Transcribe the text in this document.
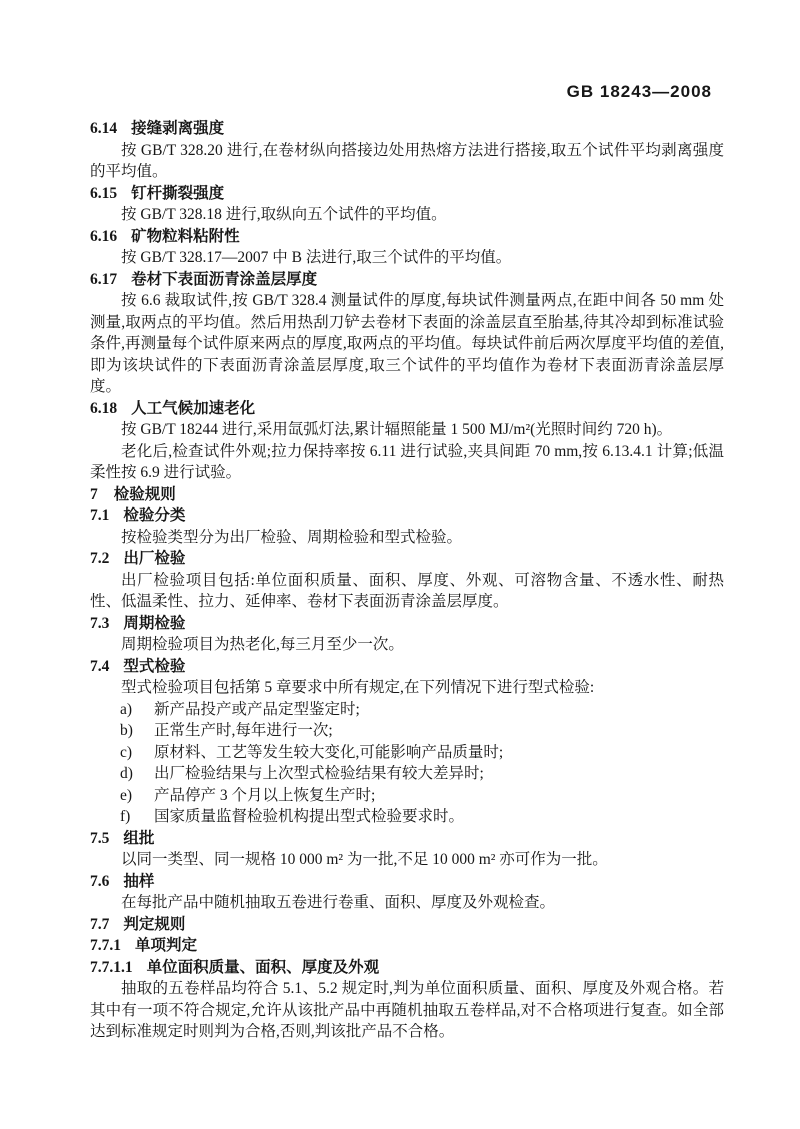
GB 18243—2008
6.14 接缝剥离强度
按 GB/T 328.20 进行,在卷材纵向搭接边处用热熔方法进行搭接,取五个试件平均剥离强度的平均值。
6.15 钉杆撕裂强度
按 GB/T 328.18 进行,取纵向五个试件的平均值。
6.16 矿物粒料粘附性
按 GB/T 328.17—2007 中 B 法进行,取三个试件的平均值。
6.17 卷材下表面沥青涂盖层厚度
按 6.6 裁取试件,按 GB/T 328.4 测量试件的厚度,每块试件测量两点,在距中间各 50 mm 处测量,取两点的平均值。然后用热刮刀铲去卷材下表面的涂盖层直至胎基,待其冷却到标准试验条件,再测量每个试件原来两点的厚度,取两点的平均值。每块试件前后两次厚度平均值的差值,即为该块试件的下表面沥青涂盖层厚度,取三个试件的平均值作为卷材下表面沥青涂盖层厚度。
6.18 人工气候加速老化
按 GB/T 18244 进行,采用氙弧灯法,累计辐照能量 1 500 MJ/m²(光照时间约 720 h)。
老化后,检查试件外观;拉力保持率按 6.11 进行试验,夹具间距 70 mm,按 6.13.4.1 计算;低温柔性按 6.9 进行试验。
7 检验规则
7.1 检验分类
按检验类型分为出厂检验、周期检验和型式检验。
7.2 出厂检验
出厂检验项目包括:单位面积质量、面积、厚度、外观、可溶物含量、不透水性、耐热性、低温柔性、拉力、延伸率、卷材下表面沥青涂盖层厚度。
7.3 周期检验
周期检验项目为热老化,每三月至少一次。
7.4 型式检验
型式检验项目包括第 5 章要求中所有规定,在下列情况下进行型式检验:
a) 新产品投产或产品定型鉴定时;
b) 正常生产时,每年进行一次;
c) 原材料、工艺等发生较大变化,可能影响产品质量时;
d) 出厂检验结果与上次型式检验结果有较大差异时;
e) 产品停产 3 个月以上恢复生产时;
f) 国家质量监督检验机构提出型式检验要求时。
7.5 组批
以同一类型、同一规格 10 000 m² 为一批,不足 10 000 m² 亦可作为一批。
7.6 抽样
在每批产品中随机抽取五卷进行卷重、面积、厚度及外观检查。
7.7 判定规则
7.7.1 单项判定
7.7.1.1 单位面积质量、面积、厚度及外观
抽取的五卷样品均符合 5.1、5.2 规定时,判为单位面积质量、面积、厚度及外观合格。若其中有一项不符合规定,允许从该批产品中再随机抽取五卷样品,对不合格项进行复查。如全部达到标准规定时则判为合格,否则,判该批产品不合格。
